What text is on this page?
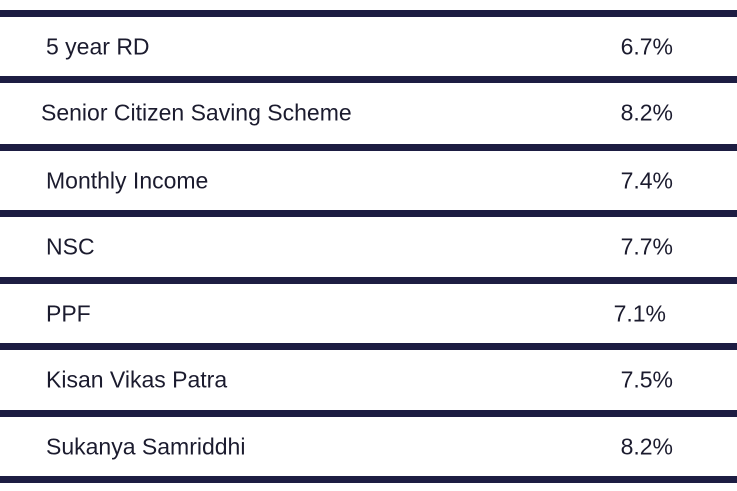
5 year RD	6.7%
Senior Citizen Saving Scheme	8.2%
Monthly Income	7.4%
NSC	7.7%
PPF	7.1%
Kisan Vikas Patra	7.5%
Sukanya Samriddhi	8.2%
